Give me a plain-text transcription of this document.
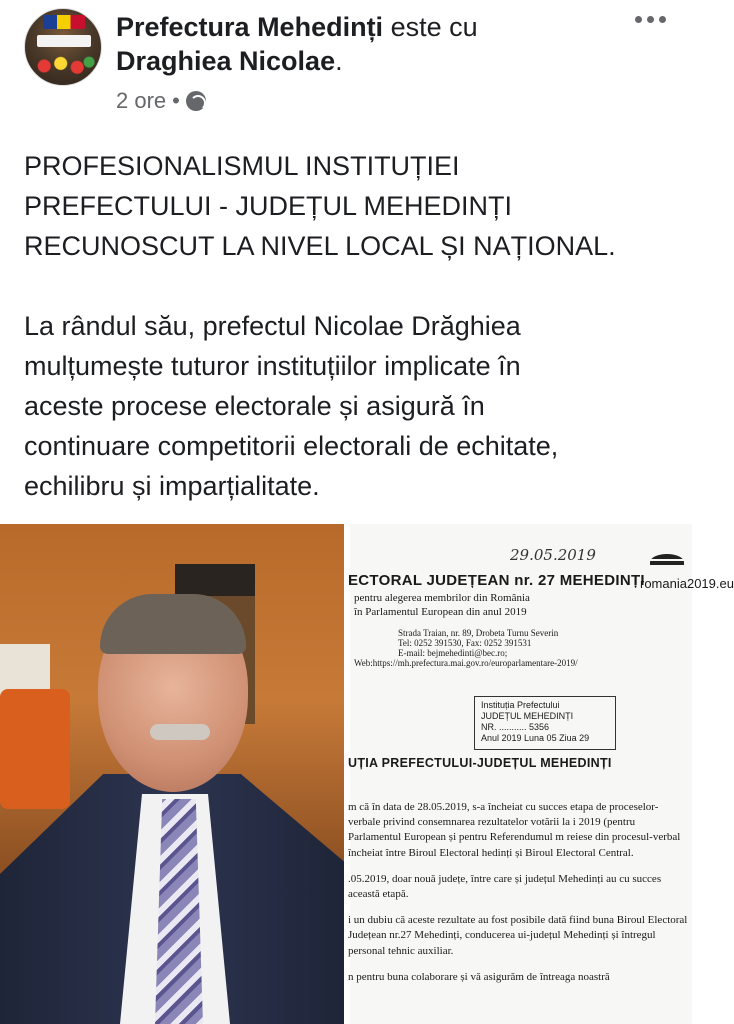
Prefectura Mehedinți este cu
Draghiea Nicolae.
2 ore •

PROFESIONALISMUL INSTITUȚIEI
PREFECTULUI - JUDEȚUL MEHEDINȚI
RECUNOSCUT LA NIVEL LOCAL ȘI NAȚIONAL.

La rândul său, prefectul Nicolae Drăghiea
mulțumește tuturor instituțiilor implicate în
aceste procese electorale și asigură în
continuare competitorii electorali de echitate,
echilibru și imparțialitate.

29.05.2019
ECTORAL JUDEȚEAN nr. 27 MEHEDINȚI
romania2019.eu
pentru alegerea membrilor din România
în Parlamentul European din anul 2019
Strada Traian, nr. 89, Drobeta Turnu Severin
Tel: 0252 391530, Fax: 0252 391531
E-mail: bejmehedinti@bec.ro;
Web:https://mh.prefectura.mai.gov.ro/europarlamentare-2019/
Instituția Prefectului
JUDEȚUL MEHEDINȚI
NR. ........... 5356
Anul 2019 Luna 05 Ziua 29
UȚIA PREFECTULUI-JUDEȚUL MEHEDINȚI

m că în data de 28.05.2019, s-a încheiat cu succes etapa de proceselor-verbale privind consemnarea rezultatelor votării la i 2019 (pentru Parlamentul European și pentru Referendumul m reiese din procesul-verbal încheiat între Biroul Electoral hedinți și Biroul Electoral Central.

.05.2019, doar nouă județe, între care și județul Mehedinți au cu succes această etapă.

i un dubiu că aceste rezultate au fost posibile dată fiind buna Biroul Electoral Județean nr.27 Mehedinți, conducerea ui-județul Mehedinți și întregul personal tehnic auxiliar.

n pentru buna colaborare și vă asigurăm de întreaga noastră
